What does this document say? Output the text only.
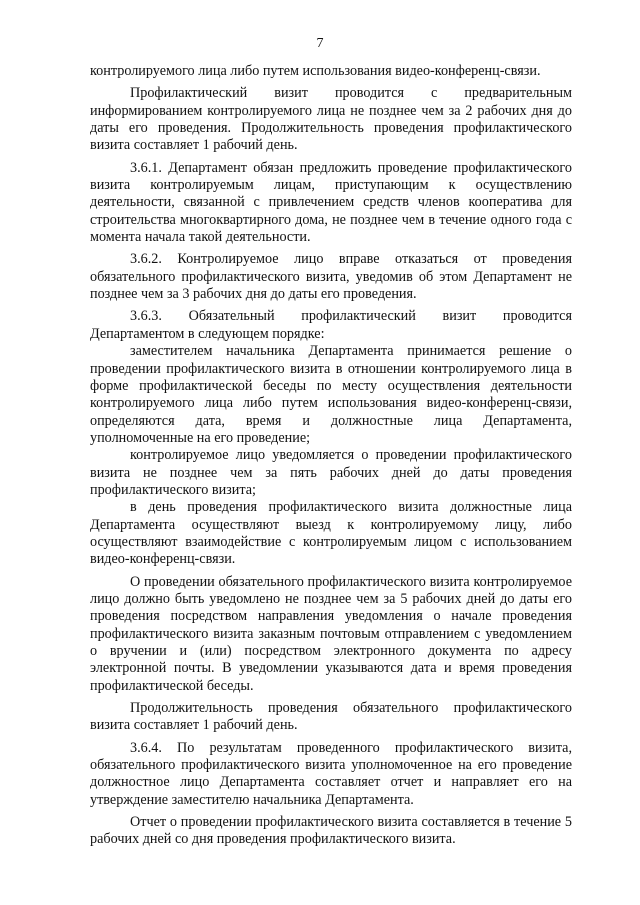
7

контролируемого лица либо путем использования видео-конференц-связи.

Профилактический визит проводится с предварительным информированием контролируемого лица не позднее чем за 2 рабочих дня до даты его проведения. Продолжительность проведения профилактического визита составляет 1 рабочий день.

3.6.1. Департамент обязан предложить проведение профилактического визита контролируемым лицам, приступающим к осуществлению деятельности, связанной с привлечением средств членов кооператива для строительства многоквартирного дома, не позднее чем в течение одного года с момента начала такой деятельности.

3.6.2. Контролируемое лицо вправе отказаться от проведения обязательного профилактического визита, уведомив об этом Департамент не позднее чем за 3 рабочих дня до даты его проведения.

3.6.3. Обязательный профилактический визит проводится Департаментом в следующем порядке:

заместителем начальника Департамента принимается решение о проведении профилактического визита в отношении контролируемого лица в форме профилактической беседы по месту осуществления деятельности контролируемого лица либо путем использования видео-конференц-связи, определяются дата, время и должностные лица Департамента, уполномоченные на его проведение;

контролируемое лицо уведомляется о проведении профилактического визита не позднее чем за пять рабочих дней до даты проведения профилактического визита;

в день проведения профилактического визита должностные лица Департамента осуществляют выезд к контролируемому лицу, либо осуществляют взаимодействие с контролируемым лицом с использованием видео-конференц-связи.

О проведении обязательного профилактического визита контролируемое лицо должно быть уведомлено не позднее чем за 5 рабочих дней до даты его проведения посредством направления уведомления о начале проведения профилактического визита заказным почтовым отправлением с уведомлением о вручении и (или) посредством электронного документа по адресу электронной почты. В уведомлении указываются дата и время проведения профилактической беседы.

Продолжительность проведения обязательного профилактического визита составляет 1 рабочий день.

3.6.4. По результатам проведенного профилактического визита, обязательного профилактического визита уполномоченное на его проведение должностное лицо Департамента составляет отчет и направляет его на утверждение заместителю начальника Департамента.

Отчет о проведении профилактического визита составляется в течение 5 рабочих дней со дня проведения профилактического визита.
